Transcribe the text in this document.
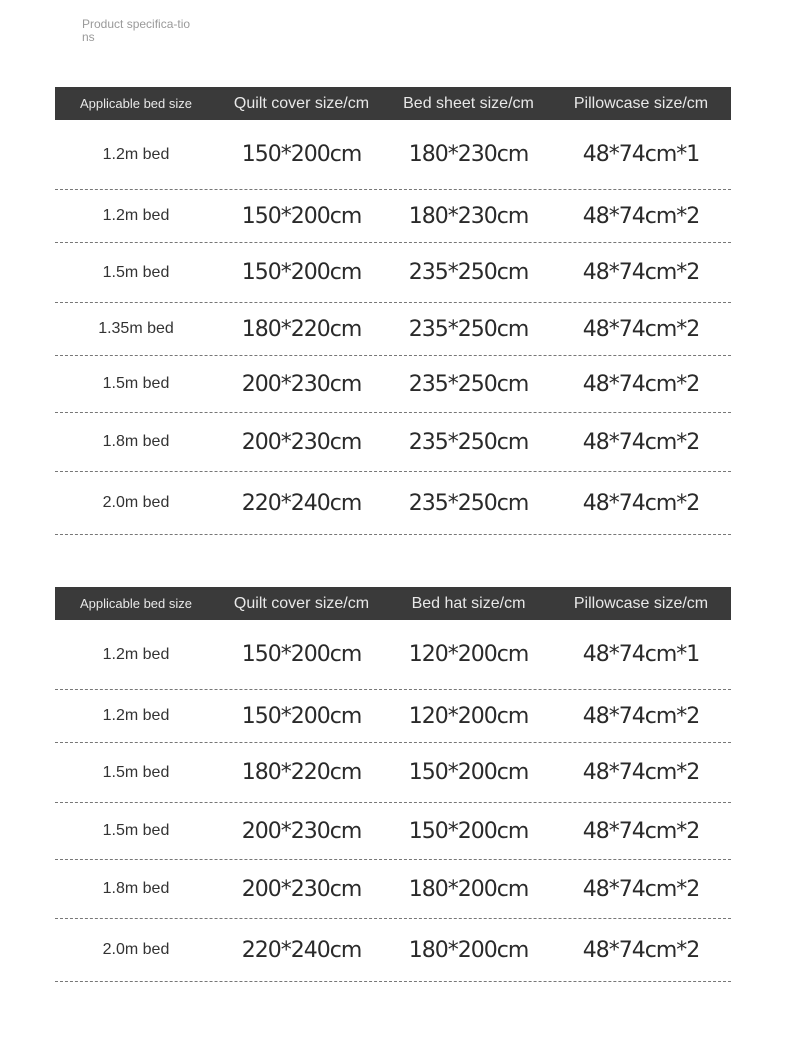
Product specifica-tions
Applicable bed size	Quilt cover size/cm	Bed sheet size/cm	Pillowcase size/cm
1.2m bed	150*200cm	180*230cm	48*74cm*1
1.2m bed	150*200cm	180*230cm	48*74cm*2
1.5m bed	150*200cm	235*250cm	48*74cm*2
1.35m bed	180*220cm	235*250cm	48*74cm*2
1.5m bed	200*230cm	235*250cm	48*74cm*2
1.8m bed	200*230cm	235*250cm	48*74cm*2
2.0m bed	220*240cm	235*250cm	48*74cm*2
Applicable bed size	Quilt cover size/cm	Bed hat size/cm	Pillowcase size/cm
1.2m bed	150*200cm	120*200cm	48*74cm*1
1.2m bed	150*200cm	120*200cm	48*74cm*2
1.5m bed	180*220cm	150*200cm	48*74cm*2
1.5m bed	200*230cm	150*200cm	48*74cm*2
1.8m bed	200*230cm	180*200cm	48*74cm*2
2.0m bed	220*240cm	180*200cm	48*74cm*2
